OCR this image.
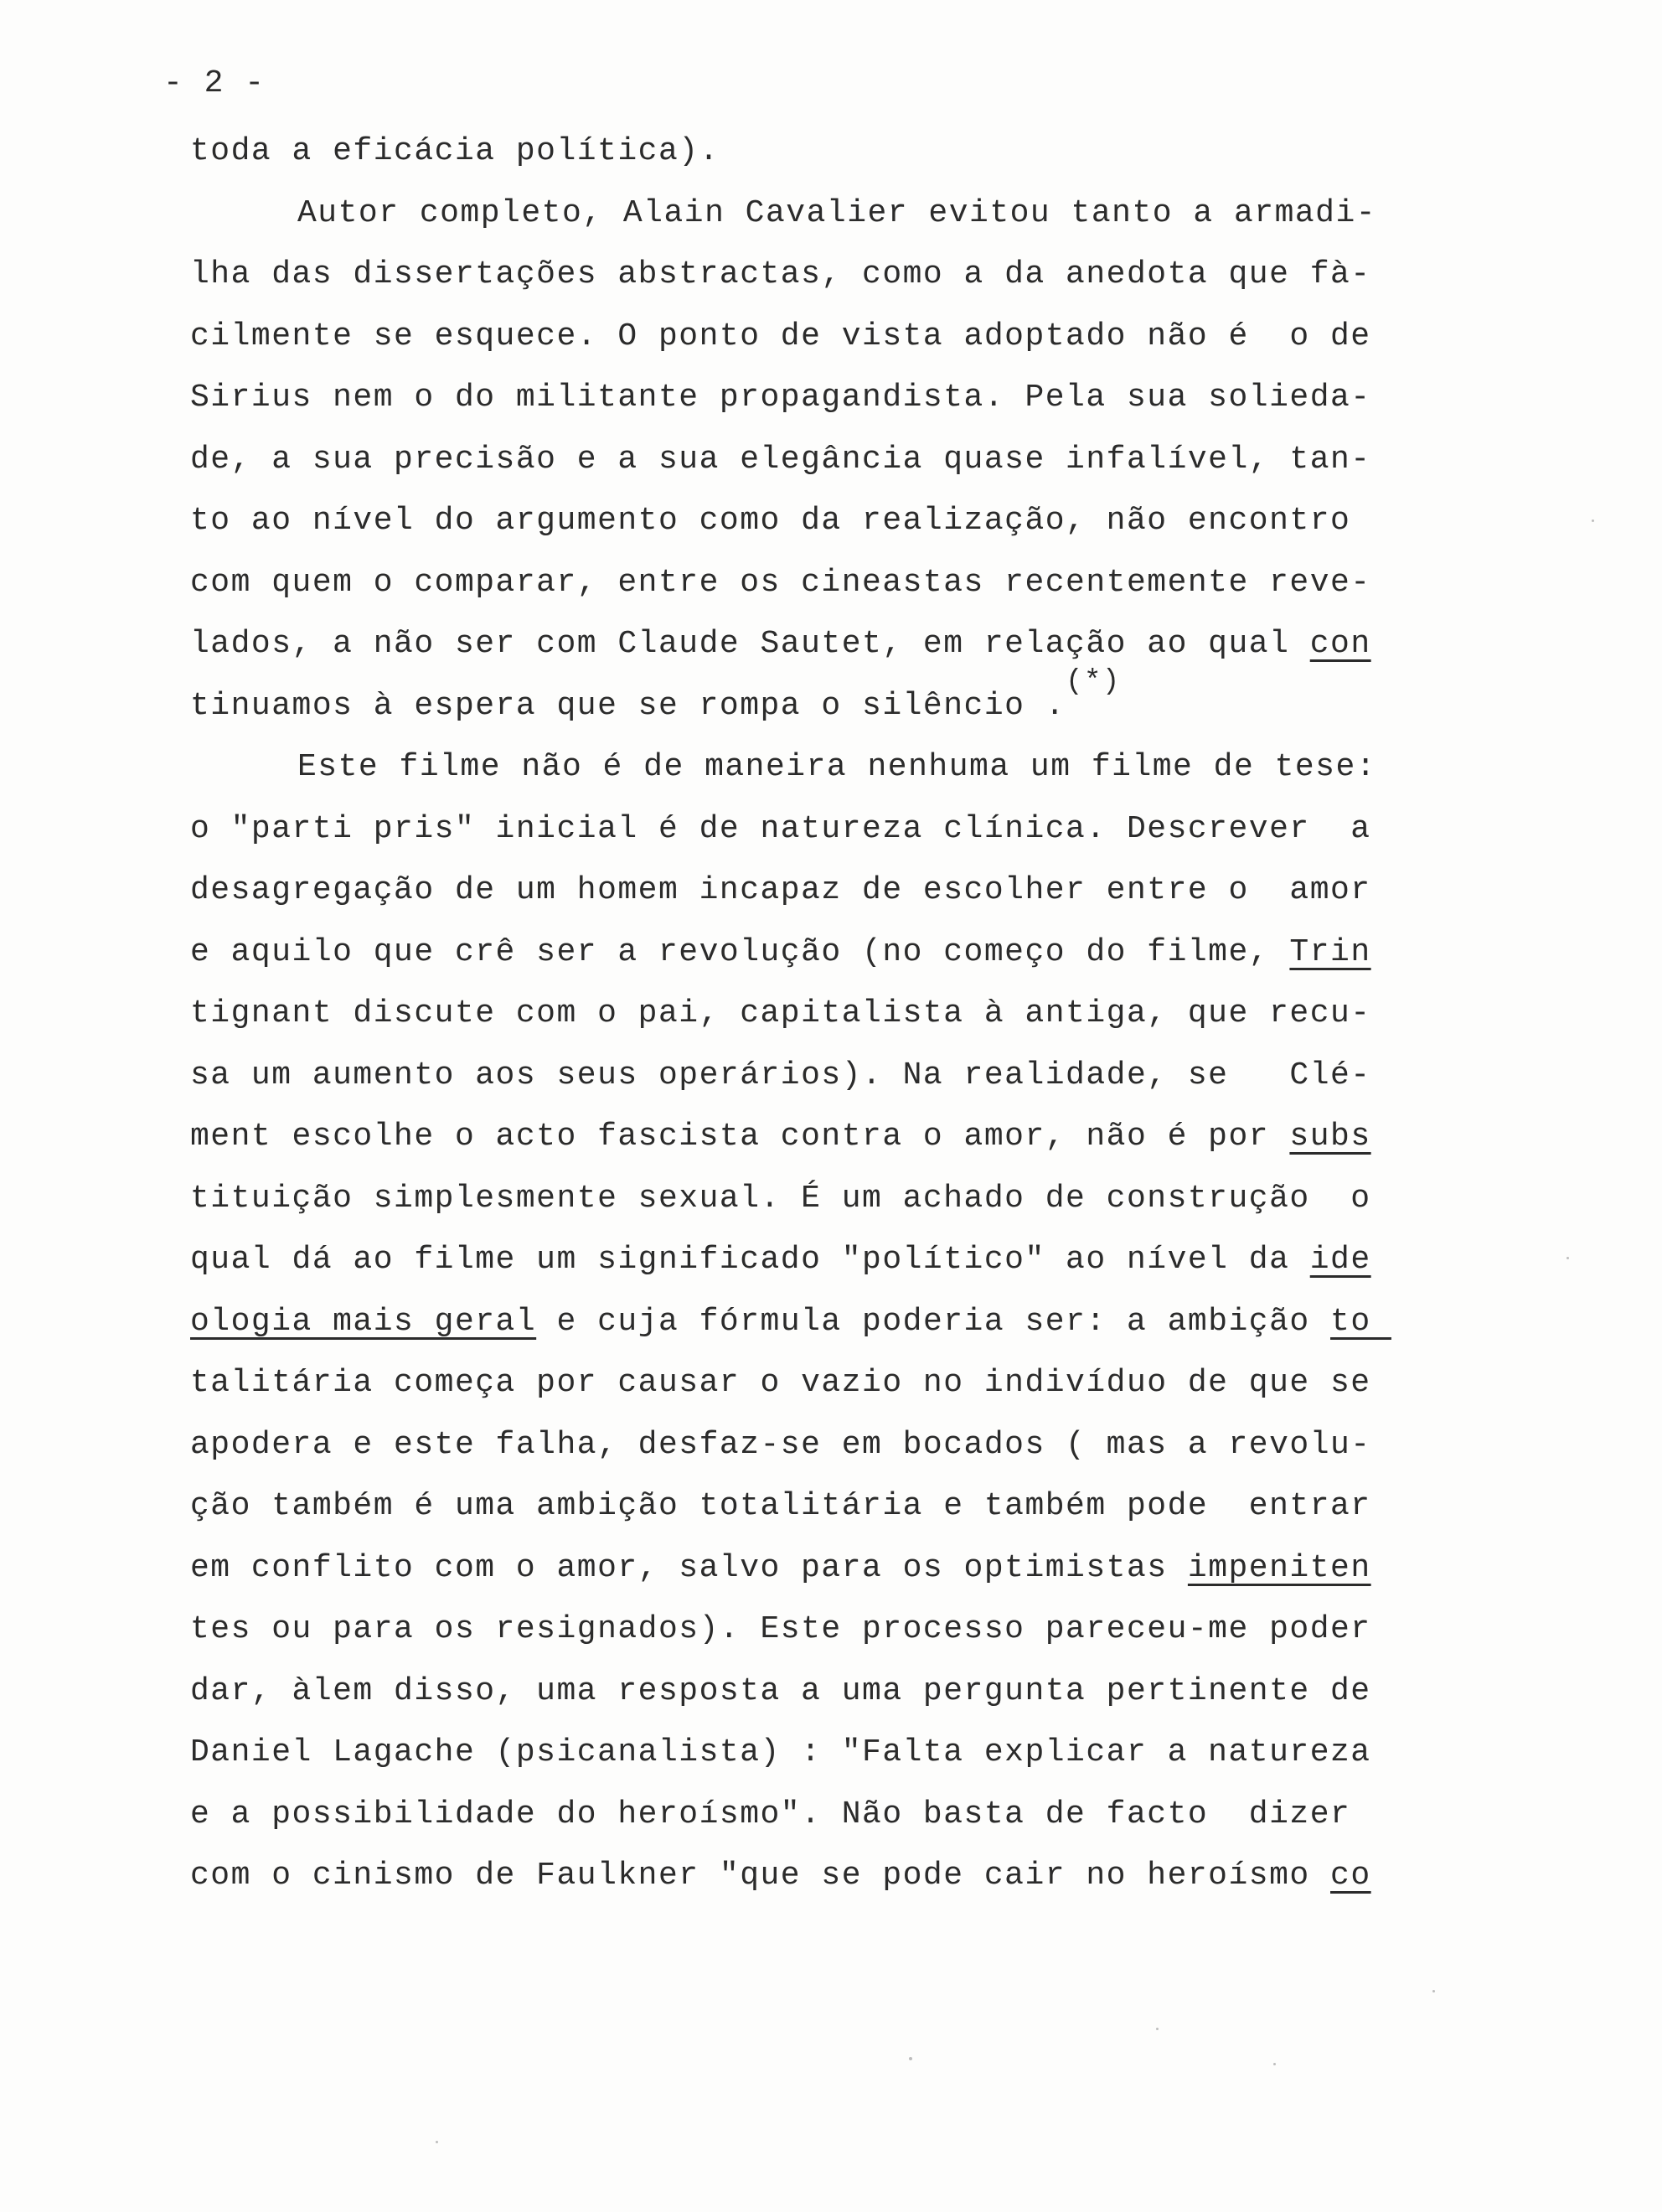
- 2 -
toda a eficácia política).
Autor completo, Alain Cavalier evitou tanto a armadi-
lha das dissertações abstractas, como a da anedota que fà-
cilmente se esquece. O ponto de vista adoptado não é  o de
Sirius nem o do militante propagandista. Pela sua solieda-
de, a sua precisão e a sua elegância quase infalível, tan-
to ao nível do argumento como da realização, não encontro
com quem o comparar, entre os cineastas recentemente reve-
lados, a não ser com Claude Sautet, em relação ao qual con
tinuamos à espera que se rompa o silêncio .(*)
Este filme não é de maneira nenhuma um filme de tese:
o "parti pris" inicial é de natureza clínica. Descrever  a
desagregação de um homem incapaz de escolher entre o  amor
e aquilo que crê ser a revolução (no começo do filme, Trin
tignant discute com o pai, capitalista à antiga, que recu-
sa um aumento aos seus operários). Na realidade, se   Clé-
ment escolhe o acto fascista contra o amor, não é por subs
tituição simplesmente sexual. É um achado de construção  o
qual dá ao filme um significado "político" ao nível da ide
ologia mais geral e cuja fórmula poderia ser: a ambição to
talitária começa por causar o vazio no indivíduo de que se
apodera e este falha, desfaz-se em bocados ( mas a revolu-
ção também é uma ambição totalitária e também pode  entrar
em conflito com o amor, salvo para os optimistas impeniten
tes ou para os resignados). Este processo pareceu-me poder
dar, àlem disso, uma resposta a uma pergunta pertinente de
Daniel Lagache (psicanalista) : "Falta explicar a natureza
e a possibilidade do heroísmo". Não basta de facto  dizer
com o cinismo de Faulkner "que se pode cair no heroísmo co
